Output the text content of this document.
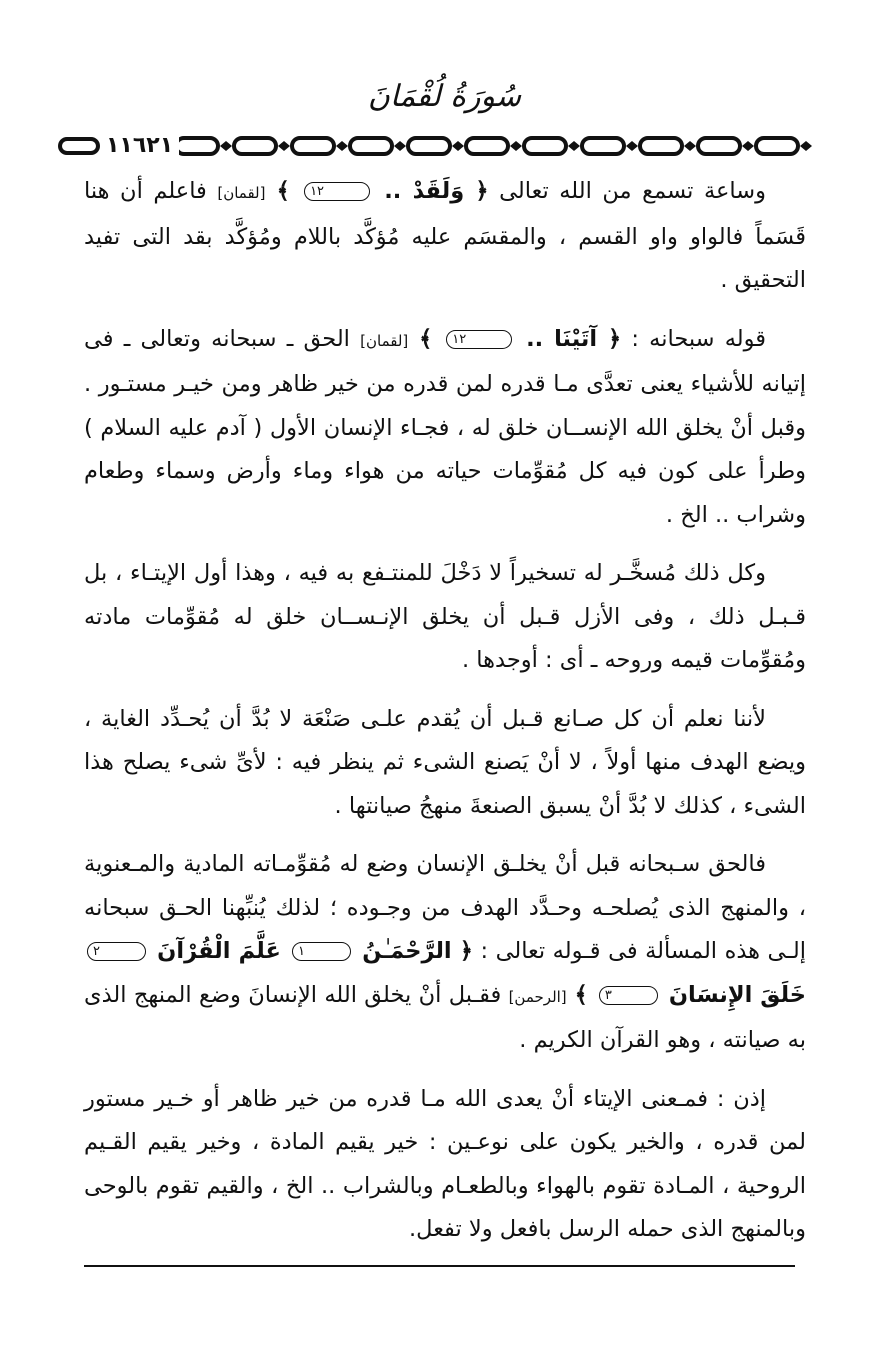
سُورَةُ لُقْمَانَ
١١٦٢١

وساعة تسمع من الله تعالى ﴿ وَلَقَدْ .. ١٢ ﴾ [لقمان] فاعلم أن هنا قَسَماً فالواو واو القسم ، والمقسَم عليه مُؤكَّد باللام ومُؤكَّد بقد التى تفيد التحقيق .

قوله سبحانه : ﴿ آتَيْنَا .. ١٢ ﴾ [لقمان] الحق ـ سبحانه وتعالى ـ فى إتيانه للأشياء يعنى تعدَّى مـا قدره لمن قدره من خير ظاهر ومن خيـر مستـور . وقبل أنْ يخلق الله الإنســان خلق له ، فجـاء الإنسان الأول ( آدم عليه السلام ) وطرأ على كون فيه كل مُقوِّمات حياته من هواء وماء وأرض وسماء وطعام وشراب .. الخ .

وكل ذلك مُسخَّـر له تسخيراً لا دَخْلَ للمنتـفع به فيه ، وهذا أول الإيتـاء ، بل قـبـل ذلك ، وفى الأزل قـبل أن يخلق الإنـســان خلق له مُقوِّمات مادته ومُقوِّمات قيمه وروحه ـ أى : أوجدها .

لأننا نعلم أن كل صـانع قـبل أن يُقدم علـى صَنْعَة لا بُدَّ أن يُحـدِّد الغاية ، ويضع الهدف منها أولاً ، لا أنْ يَصنع الشىء ثم ينظر فيه : لأىِّ شىء يصلح هذا الشىء ، كذلك لا بُدَّ أنْ يسبق الصنعةَ منهجُ صيانتها .

فالحق سـبحانه قبل أنْ يخلـق الإنسان وضع له مُقوِّمـاته المادية والمـعنوية ، والمنهج الذى يُصلحـه وحـدَّد الهدف من وجـوده ؛ لذلك يُنبِّهنا الحـق سبحانه إلـى هذه المسألة فى قـوله تعالى : ﴿ الرَّحْمَـٰنُ ١ عَلَّمَ الْقُرْآنَ ٢ خَلَقَ الإِنسَانَ ٣ ﴾ [الرحمن] فقـبل أنْ يخلق الله الإنسانَ وضع المنهج الذى به صيانته ، وهو القرآن الكريم .

إذن : فمـعنى الإيتاء أنْ يعدى الله مـا قدره من خير ظاهر أو خـير مستور لمن قدره ، والخير يكون على نوعـين : خير يقيم المادة ، وخير يقيم القـيم الروحية ، المـادة تقوم بالهواء وبالطعـام وبالشراب .. الخ ، والقيم تقوم بالوحى وبالمنهج الذى حمله الرسل بافعل ولا تفعل.
